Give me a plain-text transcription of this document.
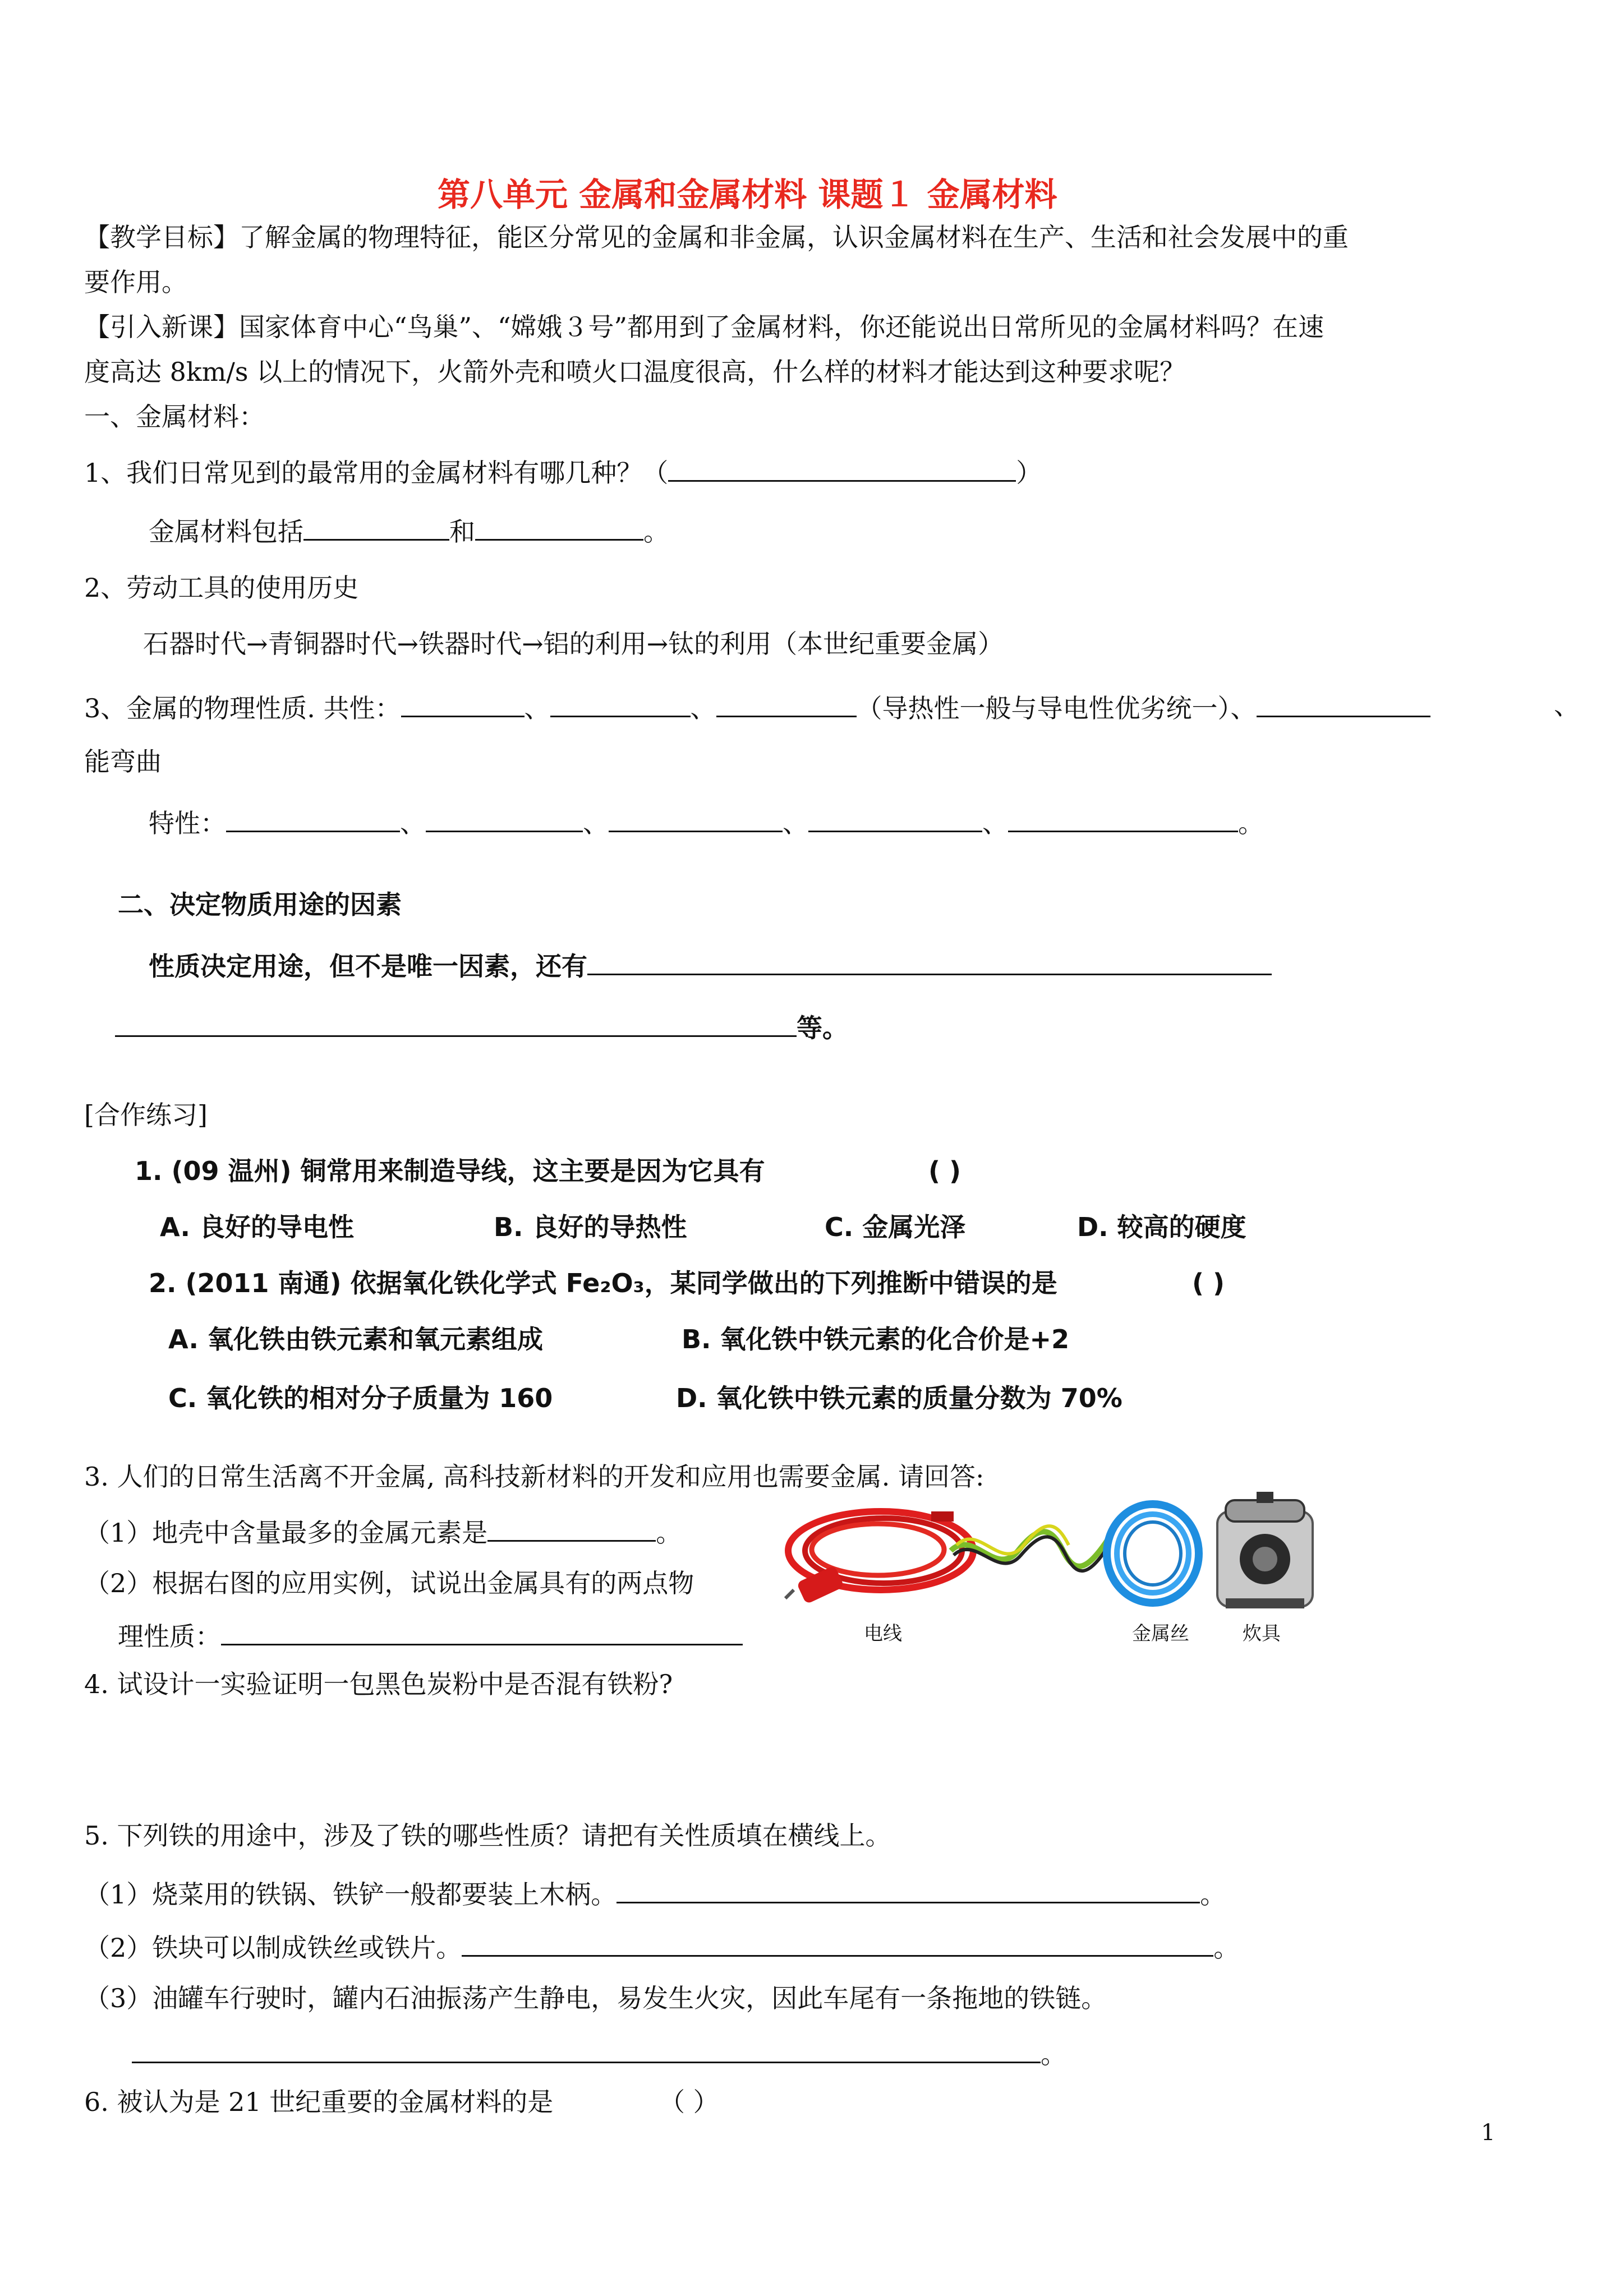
第八单元 金属和金属材料 课题１ 金属材料
【教学目标】了解金属的物理特征，能区分常见的金属和非金属，认识金属材料在生产、生活和社会发展中的重
要作用。
【引入新课】国家体育中心“鸟巢”、“嫦娥３号”都用到了金属材料，你还能说出日常所见的金属材料吗？在速
度高达 8km/s 以上的情况下，火箭外壳和喷火口温度很高，什么样的材料才能达到这种要求呢？
一、金属材料：
1、我们日常见到的最常用的金属材料有哪几种？（	）
金属材料包括	和	。
2、劳动工具的使用历史
石器时代→青铜器时代→铁器时代→铝的利用→钛的利用（本世纪重要金属）
3、金属的物理性质. 共性：	、	、	（导热性一般与导电性优劣统一）、	、
能弯曲
特性：	、	、	、	、	。
二、决定物质用途的因素
性质决定用途，但不是唯一因素，还有
等。
[合作练习]
1. (09 温州) 铜常用来制造导线，这主要是因为它具有	( )
A. 良好的导电性	B. 良好的导热性	C. 金属光泽	D. 较高的硬度
2. (2011 南通) 依据氧化铁化学式 Fe₂O₃，某同学做出的下列推断中错误的是	( )
A. 氧化铁由铁元素和氧元素组成	B. 氧化铁中铁元素的化合价是+2
C. 氧化铁的相对分子质量为 160	D. 氧化铁中铁元素的质量分数为 70%
3. 人们的日常生活离不开金属, 高科技新材料的开发和应用也需要金属. 请回答:
（1）地壳中含量最多的金属元素是	。
（2）根据右图的应用实例，试说出金属具有的两点物
理性质：	电线	金属丝	炊具
4. 试设计一实验证明一包黑色炭粉中是否混有铁粉?
5. 下列铁的用途中，涉及了铁的哪些性质？请把有关性质填在横线上。
（1）烧菜用的铁锅、铁铲一般都要装上木柄。	。
（2）铁块可以制成铁丝或铁片。	。
（3）油罐车行驶时，罐内石油振荡产生静电，易发生火灾，因此车尾有一条拖地的铁链。
。
6. 被认为是 21 世纪重要的金属材料的是	（ ）
1
